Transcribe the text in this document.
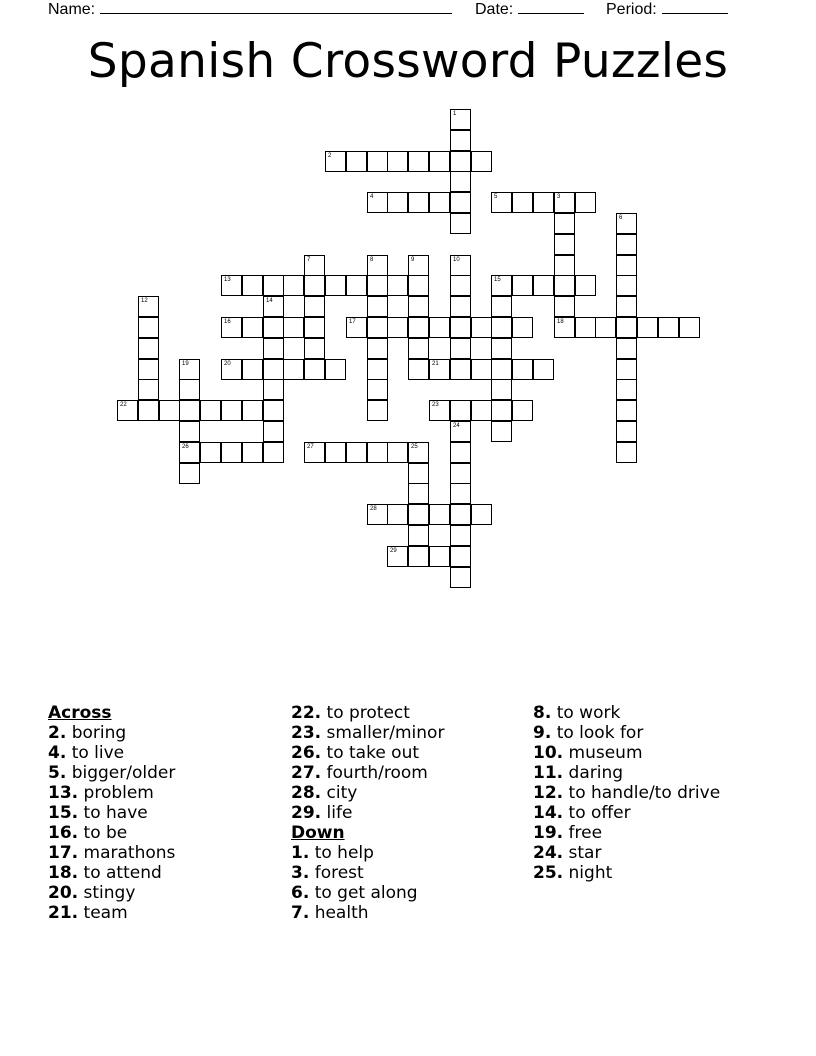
Name:	Date:	Period:
Spanish Crossword Puzzles
2
4	5	3
13	15
16	17	18
20	21
22	23
26	27	25
28
29
1
6
7	8	9	10
12	14
19
24
Across
2. boring
4. to live
5. bigger/older
13. problem
15. to have
16. to be
17. marathons
18. to attend
20. stingy
21. team
22. to protect
23. smaller/minor
26. to take out
27. fourth/room
28. city
29. life
Down
1. to help
3. forest
6. to get along
7. health
8. to work
9. to look for
10. museum
11. daring
12. to handle/to drive
14. to offer
19. free
24. star
25. night
